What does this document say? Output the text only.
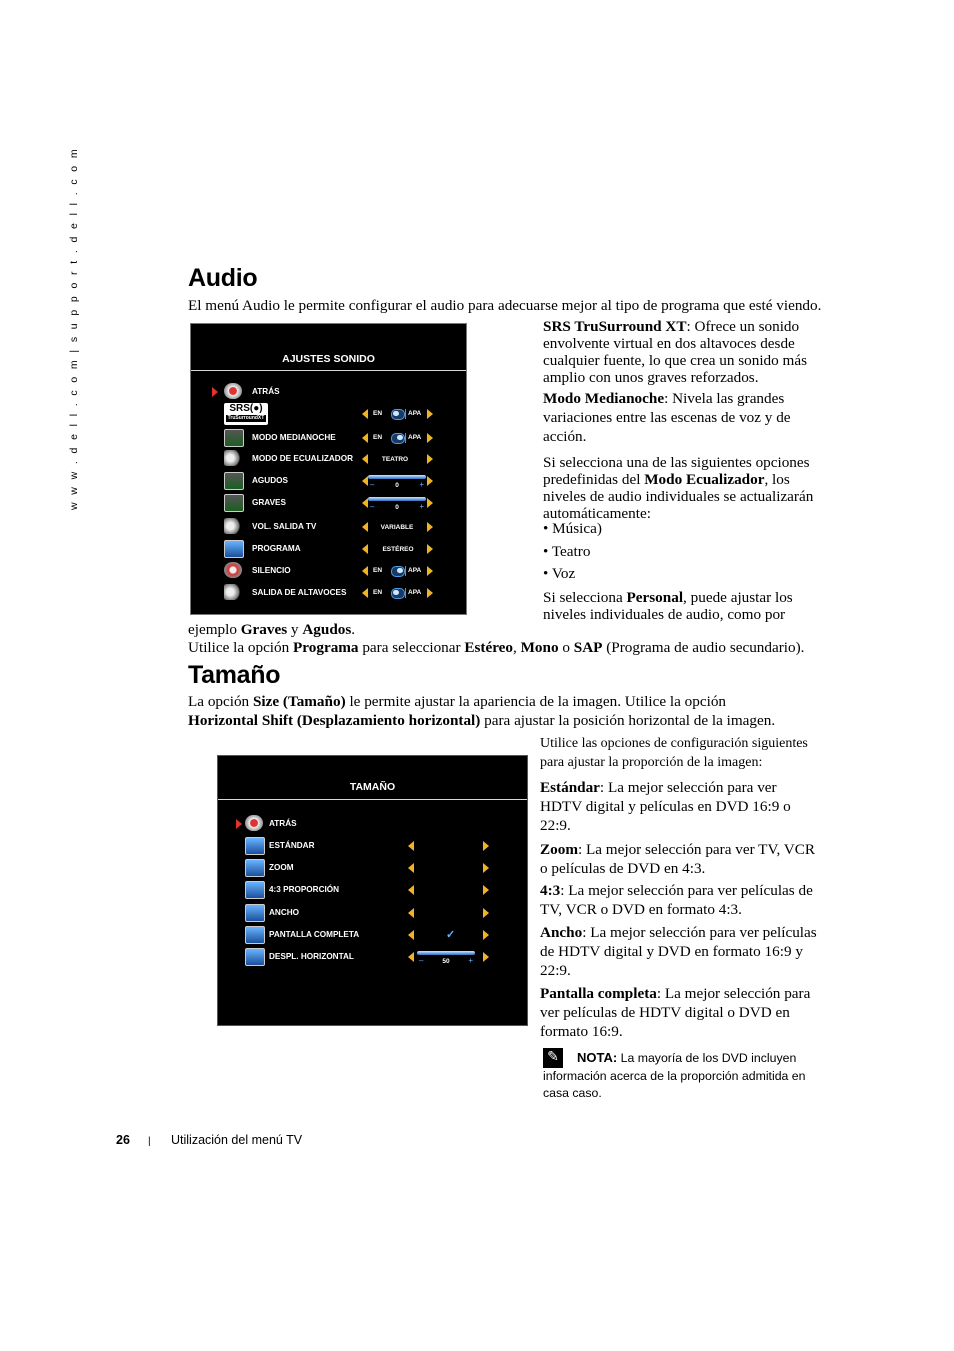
w w w . d e l l . c o m | s u p p o r t . d e l l . c o m	Audio

El menú Audio le permite configurar el audio para adecuarse mejor al tipo de programa que esté viendo.

AJUSTES SONIDO
ATRÁS
SRS(●)
TruSurroundXT
EN	APA
MODO MEDIANOCHE	EN	APA
MODO DE ECUALIZADOR	TEATRO
AGUDOS	–	0	+
GRAVES	–	0	+
VOL. SALIDA TV	VARIABLE
PROGRAMA	ESTÉREO
SILENCIO	EN	APA
SALIDA DE ALTAVOCES	EN	APA

SRS TruSurround XT: Ofrece un sonido envolvente virtual en dos altavoces desde cualquier fuente, lo que crea un sonido más amplio con unos graves reforzados.

Modo Medianoche: Nivela las grandes variaciones entre las escenas de voz y de acción.

Si selecciona una de las siguientes opciones predefinidas del Modo Ecualizador, los niveles de audio individuales se actualizarán automáticamente:

• Música)

• Teatro

• Voz

Si selecciona Personal, puede ajustar los niveles individuales de audio, como por

ejemplo Graves y Agudos.

Utilice la opción Programa para seleccionar Estéreo, Mono o SAP (Programa de audio secundario).

Tamaño

La opción Size (Tamaño) le permite ajustar la apariencia de la imagen. Utilice la opción
Horizontal Shift (Desplazamiento horizontal) para ajustar la posición horizontal de la imagen.

TAMAÑO
ATRÁS
ESTÁNDAR
ZOOM
4:3 PROPORCIÓN
ANCHO
PANTALLA COMPLETA	✓
DESPL. HORIZONTAL	–	50	+

Utilice las opciones de configuración siguientes para ajustar la proporción de la imagen:

Estándar: La mejor selección para ver HDTV digital y películas en DVD 16:9 o 22:9.

Zoom: La mejor selección para ver TV, VCR o películas de DVD en 4:3.

4:3: La mejor selección para ver películas de TV, VCR o DVD en formato 4:3.

Ancho: La mejor selección para ver películas de HDTV digital y DVD en formato 16:9 y 22:9.

Pantalla completa: La mejor selección para ver películas de HDTV digital o DVD en formato 16:9.

✎	NOTA: La mayoría de los DVD incluyen información acerca de la proporción admitida en casa caso.

26 | Utilización del menú TV
